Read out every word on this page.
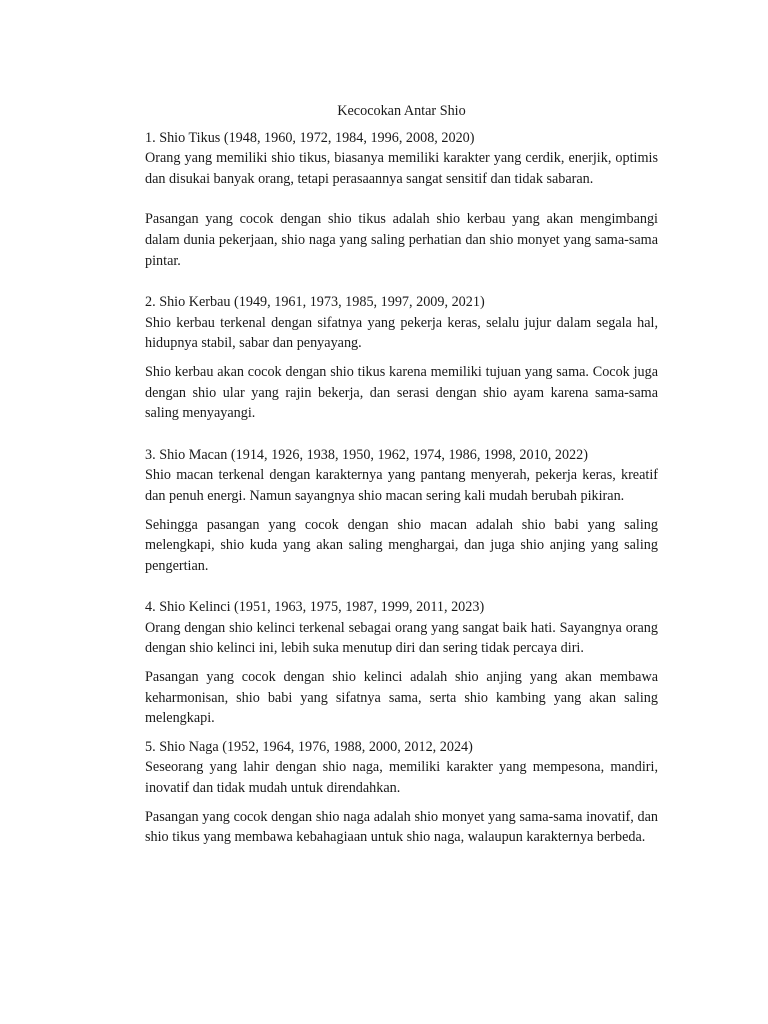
Kecocokan Antar Shio

1. Shio Tikus (1948, 1960, 1972, 1984, 1996, 2008, 2020)

Orang yang memiliki shio tikus, biasanya memiliki karakter yang cerdik, enerjik, optimis dan disukai banyak orang, tetapi perasaannya sangat sensitif dan tidak sabaran.

Pasangan yang cocok dengan shio tikus adalah shio kerbau yang akan mengimbangi dalam dunia pekerjaan, shio naga yang saling perhatian dan shio monyet yang sama-sama pintar.

2. Shio Kerbau (1949, 1961, 1973, 1985, 1997, 2009, 2021)

Shio kerbau terkenal dengan sifatnya yang pekerja keras, selalu jujur dalam segala hal, hidupnya stabil, sabar dan penyayang.

Shio kerbau akan cocok dengan shio tikus karena memiliki tujuan yang sama. Cocok juga dengan shio ular yang rajin bekerja, dan serasi dengan shio ayam karena sama-sama saling menyayangi.

3. Shio Macan (1914, 1926, 1938, 1950, 1962, 1974, 1986, 1998, 2010, 2022)

Shio macan terkenal dengan karakternya yang pantang menyerah, pekerja keras, kreatif dan penuh energi. Namun sayangnya shio macan sering kali mudah berubah pikiran.

Sehingga pasangan yang cocok dengan shio macan adalah shio babi yang saling melengkapi, shio kuda yang akan saling menghargai, dan juga shio anjing yang saling pengertian.

4. Shio Kelinci (1951, 1963, 1975, 1987, 1999, 2011, 2023)

Orang dengan shio kelinci terkenal sebagai orang yang sangat baik hati. Sayangnya orang dengan shio kelinci ini, lebih suka menutup diri dan sering tidak percaya diri.

Pasangan yang cocok dengan shio kelinci adalah shio anjing yang akan membawa keharmonisan, shio babi yang sifatnya sama, serta shio kambing yang akan saling melengkapi.

5. Shio Naga (1952, 1964, 1976, 1988, 2000, 2012, 2024)

Seseorang yang lahir dengan shio naga, memiliki karakter yang mempesona, mandiri, inovatif dan tidak mudah untuk direndahkan.

Pasangan yang cocok dengan shio naga adalah shio monyet yang sama-sama inovatif, dan shio tikus yang membawa kebahagiaan untuk shio naga, walaupun karakternya berbeda.
